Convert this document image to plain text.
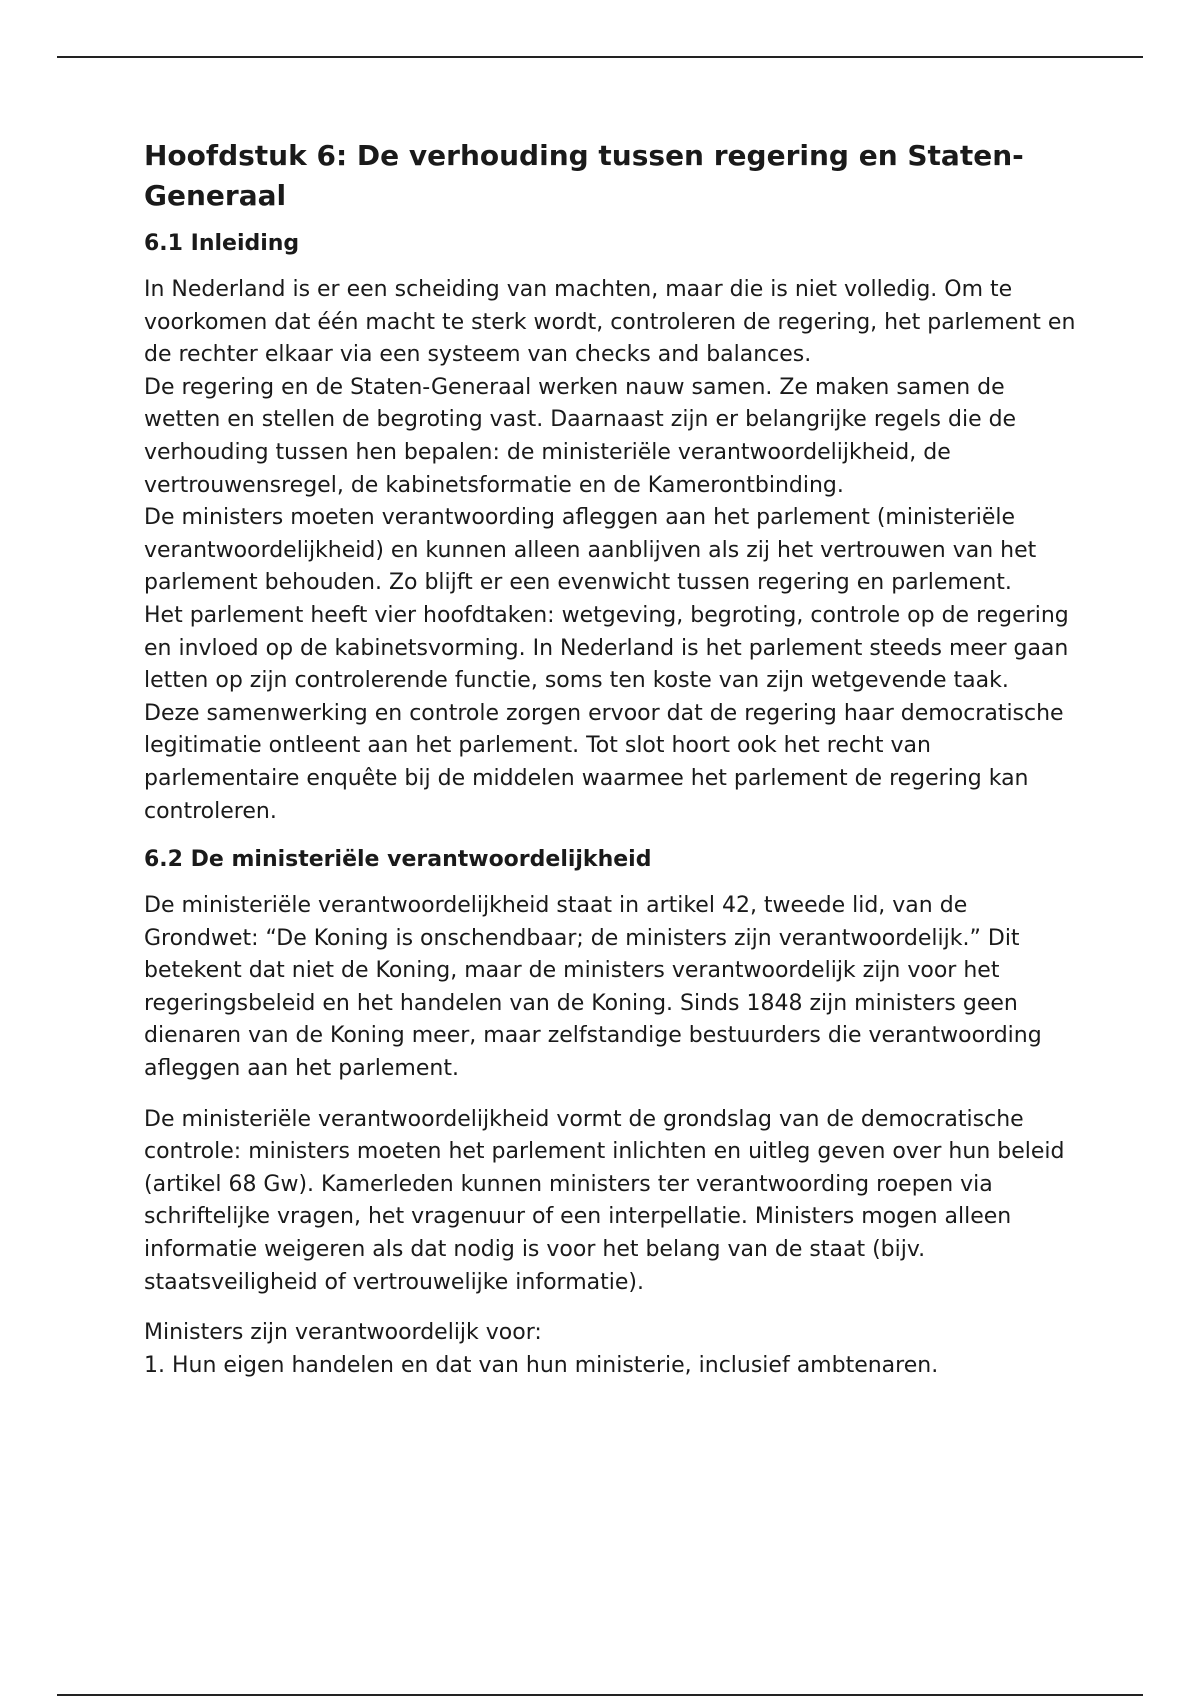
Hoofdstuk 6: De verhouding tussen regering en Staten-Generaal
6.1 Inleiding

In Nederland is er een scheiding van machten, maar die is niet volledig. Om te voorkomen dat één macht te sterk wordt, controleren de regering, het parlement en de rechter elkaar via een systeem van checks and balances.

De regering en de Staten-Generaal werken nauw samen. Ze maken samen de wetten en stellen de begroting vast. Daarnaast zijn er belangrijke regels die de verhouding tussen hen bepalen: de ministeriële verantwoordelijkheid, de vertrouwensregel, de kabinetsformatie en de Kamerontbinding.

De ministers moeten verantwoording afleggen aan het parlement (ministeriële verantwoordelijkheid) en kunnen alleen aanblijven als zij het vertrouwen van het parlement behouden. Zo blijft er een evenwicht tussen regering en parlement.

Het parlement heeft vier hoofdtaken: wetgeving, begroting, controle op de regering en invloed op de kabinetsvorming. In Nederland is het parlement steeds meer gaan letten op zijn controlerende functie, soms ten koste van zijn wetgevende taak.

Deze samenwerking en controle zorgen ervoor dat de regering haar democratische legitimatie ontleent aan het parlement. Tot slot hoort ook het recht van parlementaire enquête bij de middelen waarmee het parlement de regering kan controleren.

6.2 De ministeriële verantwoordelijkheid

De ministeriële verantwoordelijkheid staat in artikel 42, tweede lid, van de Grondwet: “De Koning is onschendbaar; de ministers zijn verantwoordelijk.” Dit betekent dat niet de Koning, maar de ministers verantwoordelijk zijn voor het regeringsbeleid en het handelen van de Koning. Sinds 1848 zijn ministers geen dienaren van de Koning meer, maar zelfstandige bestuurders die verantwoording afleggen aan het parlement.

De ministeriële verantwoordelijkheid vormt de grondslag van de democratische controle: ministers moeten het parlement inlichten en uitleg geven over hun beleid (artikel 68 Gw). Kamerleden kunnen ministers ter verantwoording roepen via schriftelijke vragen, het vragenuur of een interpellatie. Ministers mogen alleen informatie weigeren als dat nodig is voor het belang van de staat (bijv. staatsveiligheid of vertrouwelijke informatie).

Ministers zijn verantwoordelijk voor:

1. Hun eigen handelen en dat van hun ministerie, inclusief ambtenaren.
